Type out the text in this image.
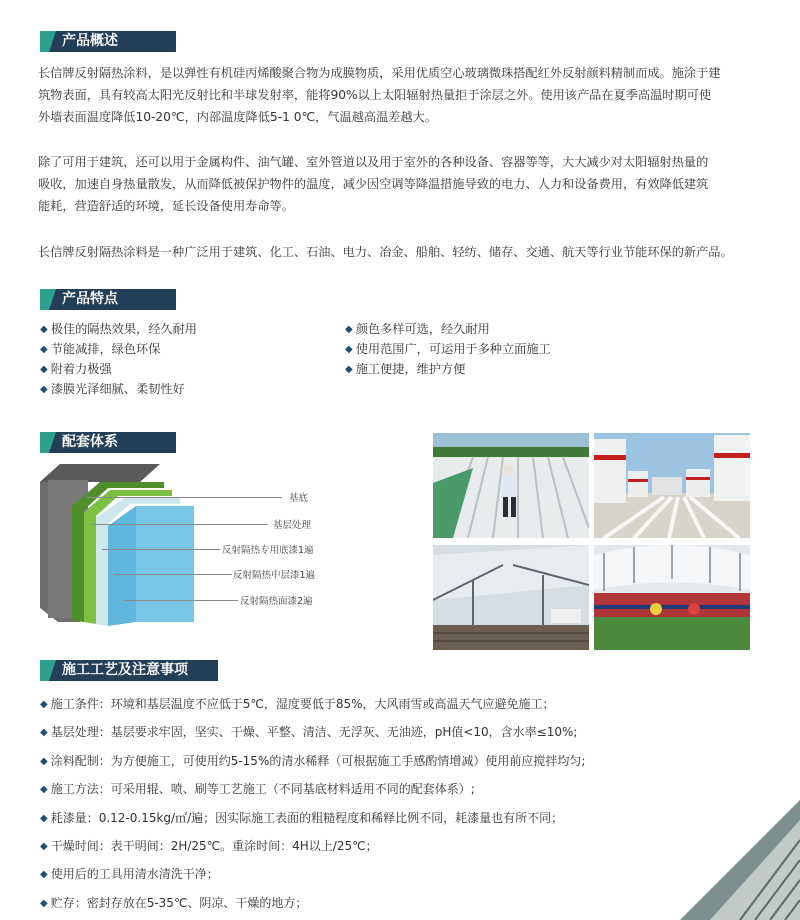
产品概述
长信牌反射隔热涂料，是以弹性有机硅丙烯酸聚合物为成膜物质，采用优质空心玻璃微珠搭配红外反射颜料精制而成。施涂于建
筑物表面，具有较高太阳光反射比和半球发射率，能将90%以上太阳辐射热量拒于涂层之外。使用该产品在夏季高温时期可使
外墙表面温度降低10-20℃，内部温度降低5-1 0℃，气温越高温差越大。
除了可用于建筑，还可以用于金属构件、油气罐、室外管道以及用于室外的各种设备、容器等等，大大减少对太阳辐射热量的
吸收，加速自身热量散发，从而降低被保护物件的温度，减少因空调等降温措施导致的电力、人力和设备费用，有效降低建筑
能耗，营造舒适的环境，延长设备使用寿命等。
长信牌反射隔热涂料是一种广泛用于建筑、化工、石油、电力、冶金、船舶、轻纺、储存、交通、航天等行业节能环保的新产品。
产品特点
◆ 极佳的隔热效果，经久耐用
◆ 节能减排，绿色环保
◆ 附着力极强
◆ 漆膜光泽细腻、柔韧性好
◆ 颜色多样可选，经久耐用
◆ 使用范围广，可运用于多种立面施工
◆ 施工便捷，维护方便
配套体系
基底
基层处理
反射隔热专用底漆1遍
反射隔热中层漆1遍
反射隔热面漆2遍
施工工艺及注意事项
◆ 施工条件：环境和基层温度不应低于5℃，湿度要低于85%，大风雨雪或高温天气应避免施工；
◆ 基层处理：基层要求牢固，坚实、干燥、平整、清洁、无浮灰、无油迹，pH值<10，含水率≤10%;
◆ 涂料配制：为方便施工，可使用约5-15%的清水稀释（可根据施工手感酌情增减）使用前应搅拌均匀;
◆ 施工方法：可采用辊、喷、刷等工艺施工（不同基底材料适用不同的配套体系）;
◆ 耗漆量：0.12-0.15kg/㎡/遍；因实际施工表面的粗糙程度和稀释比例不同，耗漆量也有所不同；
◆ 干燥时间：表干明间：2H/25℃。重涂时间：4H以上/25℃；
◆ 使用后的工具用清水清洗干净；
◆ 贮存：密封存放在5-35℃、阴凉、干燥的地方；
